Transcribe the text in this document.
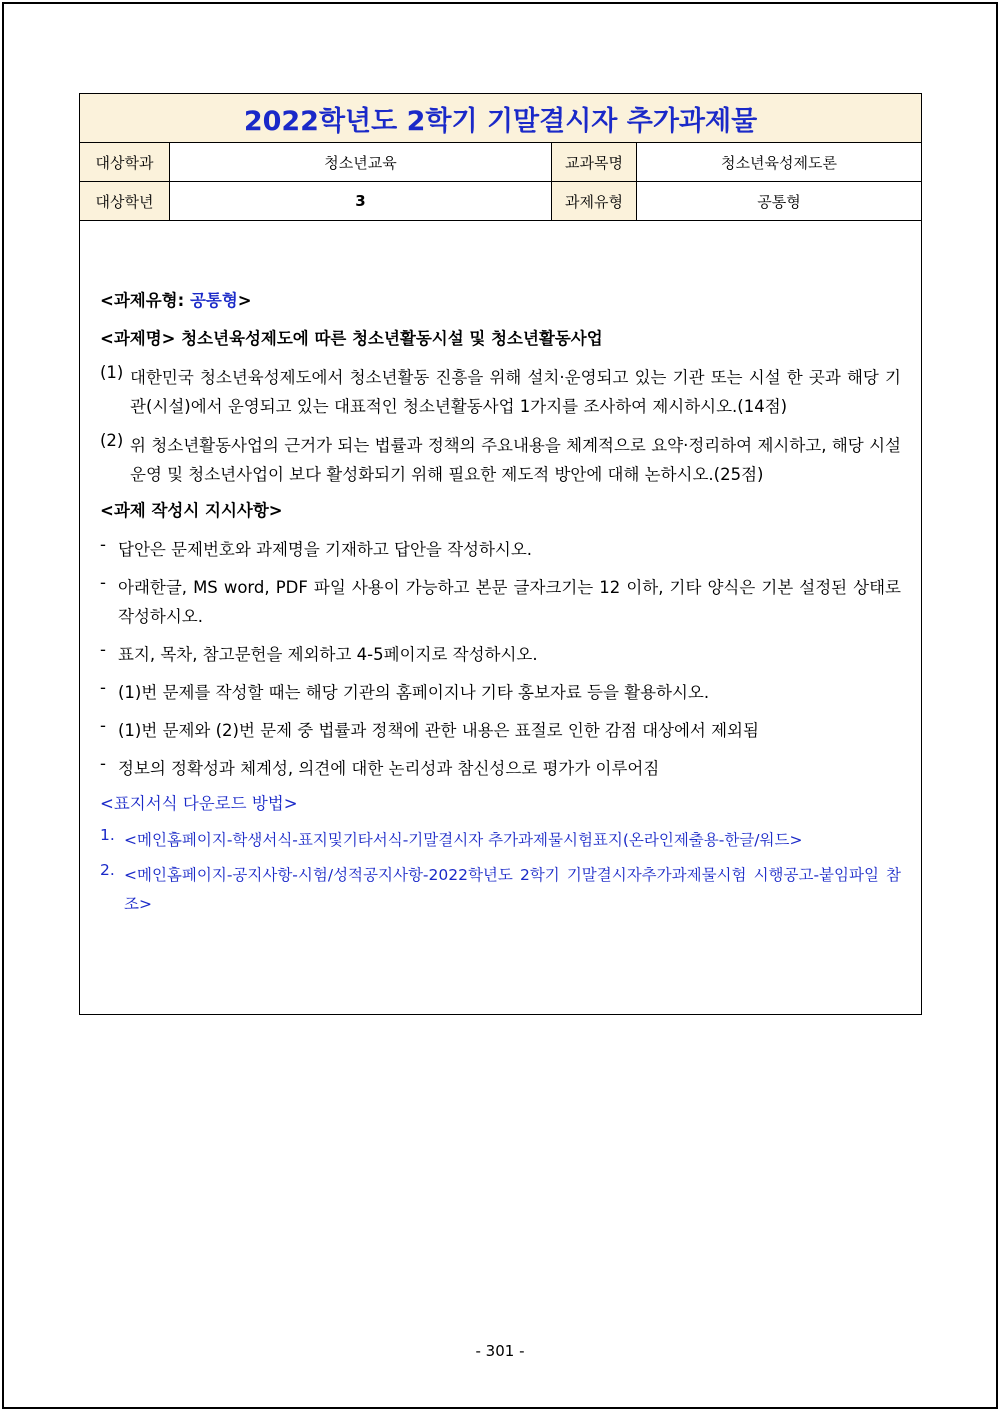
2022학년도 2학기 기말결시자 추가과제물
대상학과	청소년교육	교과목명	청소년육성제도론
대상학년	3	과제유형	공통형

<과제유형: 공통형>

<과제명> 청소년육성제도에 따른 청소년활동시설 및 청소년활동사업

(1) 대한민국 청소년육성제도에서 청소년활동 진흥을 위해 설치·운영되고 있는 기관 또는 시설 한 곳과 해당 기관(시설)에서 운영되고 있는 대표적인 청소년활동사업 1가지를 조사하여 제시하시오.(14점)
(2) 위 청소년활동사업의 근거가 되는 법률과 정책의 주요내용을 체계적으로 요약·정리하여 제시하고, 해당 시설 운영 및 청소년사업이 보다 활성화되기 위해 필요한 제도적 방안에 대해 논하시오.(25점)

<과제 작성시 지시사항>

- 답안은 문제번호와 과제명을 기재하고 답안을 작성하시오.
- 아래한글, MS word, PDF 파일 사용이 가능하고 본문 글자크기는 12 이하, 기타 양식은 기본 설정된 상태로 작성하시오.
- 표지, 목차, 참고문헌을 제외하고 4-5페이지로 작성하시오.
- (1)번 문제를 작성할 때는 해당 기관의 홈페이지나 기타 홍보자료 등을 활용하시오.
- (1)번 문제와 (2)번 문제 중 법률과 정책에 관한 내용은 표절로 인한 감점 대상에서 제외됨
- 정보의 정확성과 체계성, 의견에 대한 논리성과 참신성으로 평가가 이루어짐

<표지서식 다운로드 방법>

1. <메인홈페이지-학생서식-표지및기타서식-기말결시자 추가과제물시험표지(온라인제출용-한글/워드>
2. <메인홈페이지-공지사항-시험/성적공지사항-2022학년도 2학기 기말결시자추가과제물시험 시행공고-붙임파일 참조>
- 301 -
